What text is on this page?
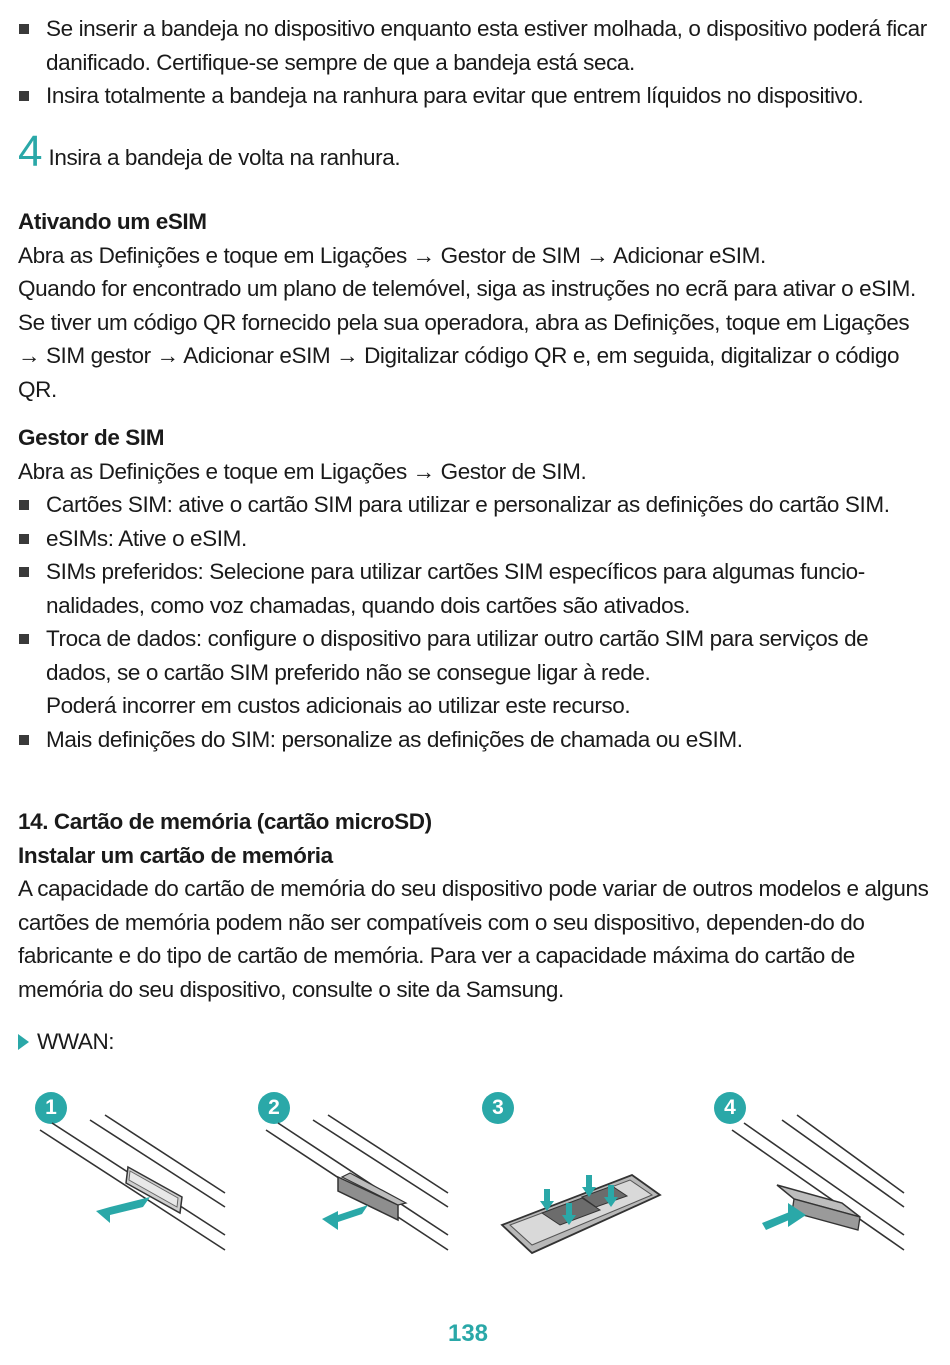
Se inserir a bandeja no dispositivo enquanto esta estiver molhada, o dispositivo poderá ficar danificado. Certifique-se sempre de que a bandeja está seca.
Insira totalmente a bandeja na ranhura para evitar que entrem líquidos no dispositivo.
4 Insira a bandeja de volta na ranhura.
Ativando um eSIM
Abra as Definições e toque em Ligações → Gestor de SIM → Adicionar eSIM.
Quando for encontrado um plano de telemóvel, siga as instruções no ecrã para ativar o eSIM.
Se tiver um código QR fornecido pela sua operadora, abra as Definições, toque em Ligações → SIM gestor → Adicionar eSIM → Digitalizar código QR e, em seguida, digitalizar o código QR.
Gestor de SIM
Abra as Definições e toque em Ligações → Gestor de SIM.
Cartões SIM: ative o cartão SIM para utilizar e personalizar as definições do cartão SIM.
eSIMs: Ative o eSIM.
SIMs preferidos: Selecione para utilizar cartões SIM específicos para algumas funcio-nalidades, como voz chamadas, quando dois cartões são ativados.
Troca de dados: configure o dispositivo para utilizar outro cartão SIM para serviços de dados, se o cartão SIM preferido não se consegue ligar à rede.
Poderá incorrer em custos adicionais ao utilizar este recurso.
Mais definições do SIM: personalize as definições de chamada ou eSIM.
14. Cartão de memória (cartão microSD)
Instalar um cartão de memória
A capacidade do cartão de memória do seu dispositivo pode variar de outros modelos e alguns cartões de memória podem não ser compatíveis com o seu dispositivo, dependen-do do fabricante e do tipo de cartão de memória. Para ver a capacidade máxima do cartão de memória do seu dispositivo, consulte o site da Samsung.
WWAN:
1	2	3	4
138
